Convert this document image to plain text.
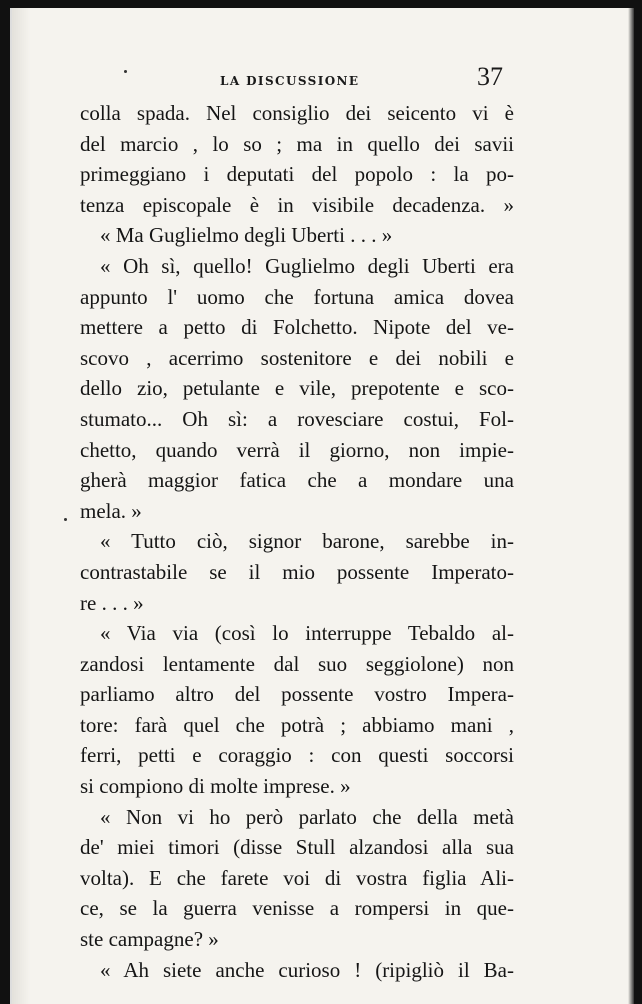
LA DISCUSSIONE	37
colla spada. Nel consiglio dei seicento vi è
del marcio , lo so ; ma in quello dei savii
primeggiano i deputati del popolo : la po-
tenza episcopale è in visibile decadenza. »
« Ma Guglielmo degli Uberti . . . »
« Oh sì, quello! Guglielmo degli Uberti era
appunto l' uomo che fortuna amica dovea
mettere a petto di Folchetto. Nipote del ve-
scovo , acerrimo sostenitore e dei nobili e
dello zio, petulante e vile, prepotente e sco-
stumato... Oh sì: a rovesciare costui, Fol-
chetto, quando verrà il giorno, non impie-
gherà maggior fatica che a mondare una
mela. »
« Tutto ciò, signor barone, sarebbe in-
contrastabile se il mio possente Imperato-
re . . . »
« Via via (così lo interruppe Tebaldo al-
zandosi lentamente dal suo seggiolone) non
parliamo altro del possente vostro Impera-
tore: farà quel che potrà ; abbiamo mani ,
ferri, petti e coraggio : con questi soccorsi
si compiono di molte imprese. »
« Non vi ho però parlato che della metà
de' miei timori (disse Stull alzandosi alla sua
volta). E che farete voi di vostra figlia Ali-
ce, se la guerra venisse a rompersi in que-
ste campagne? »
« Ah siete anche curioso ! (ripigliò il Ba-
